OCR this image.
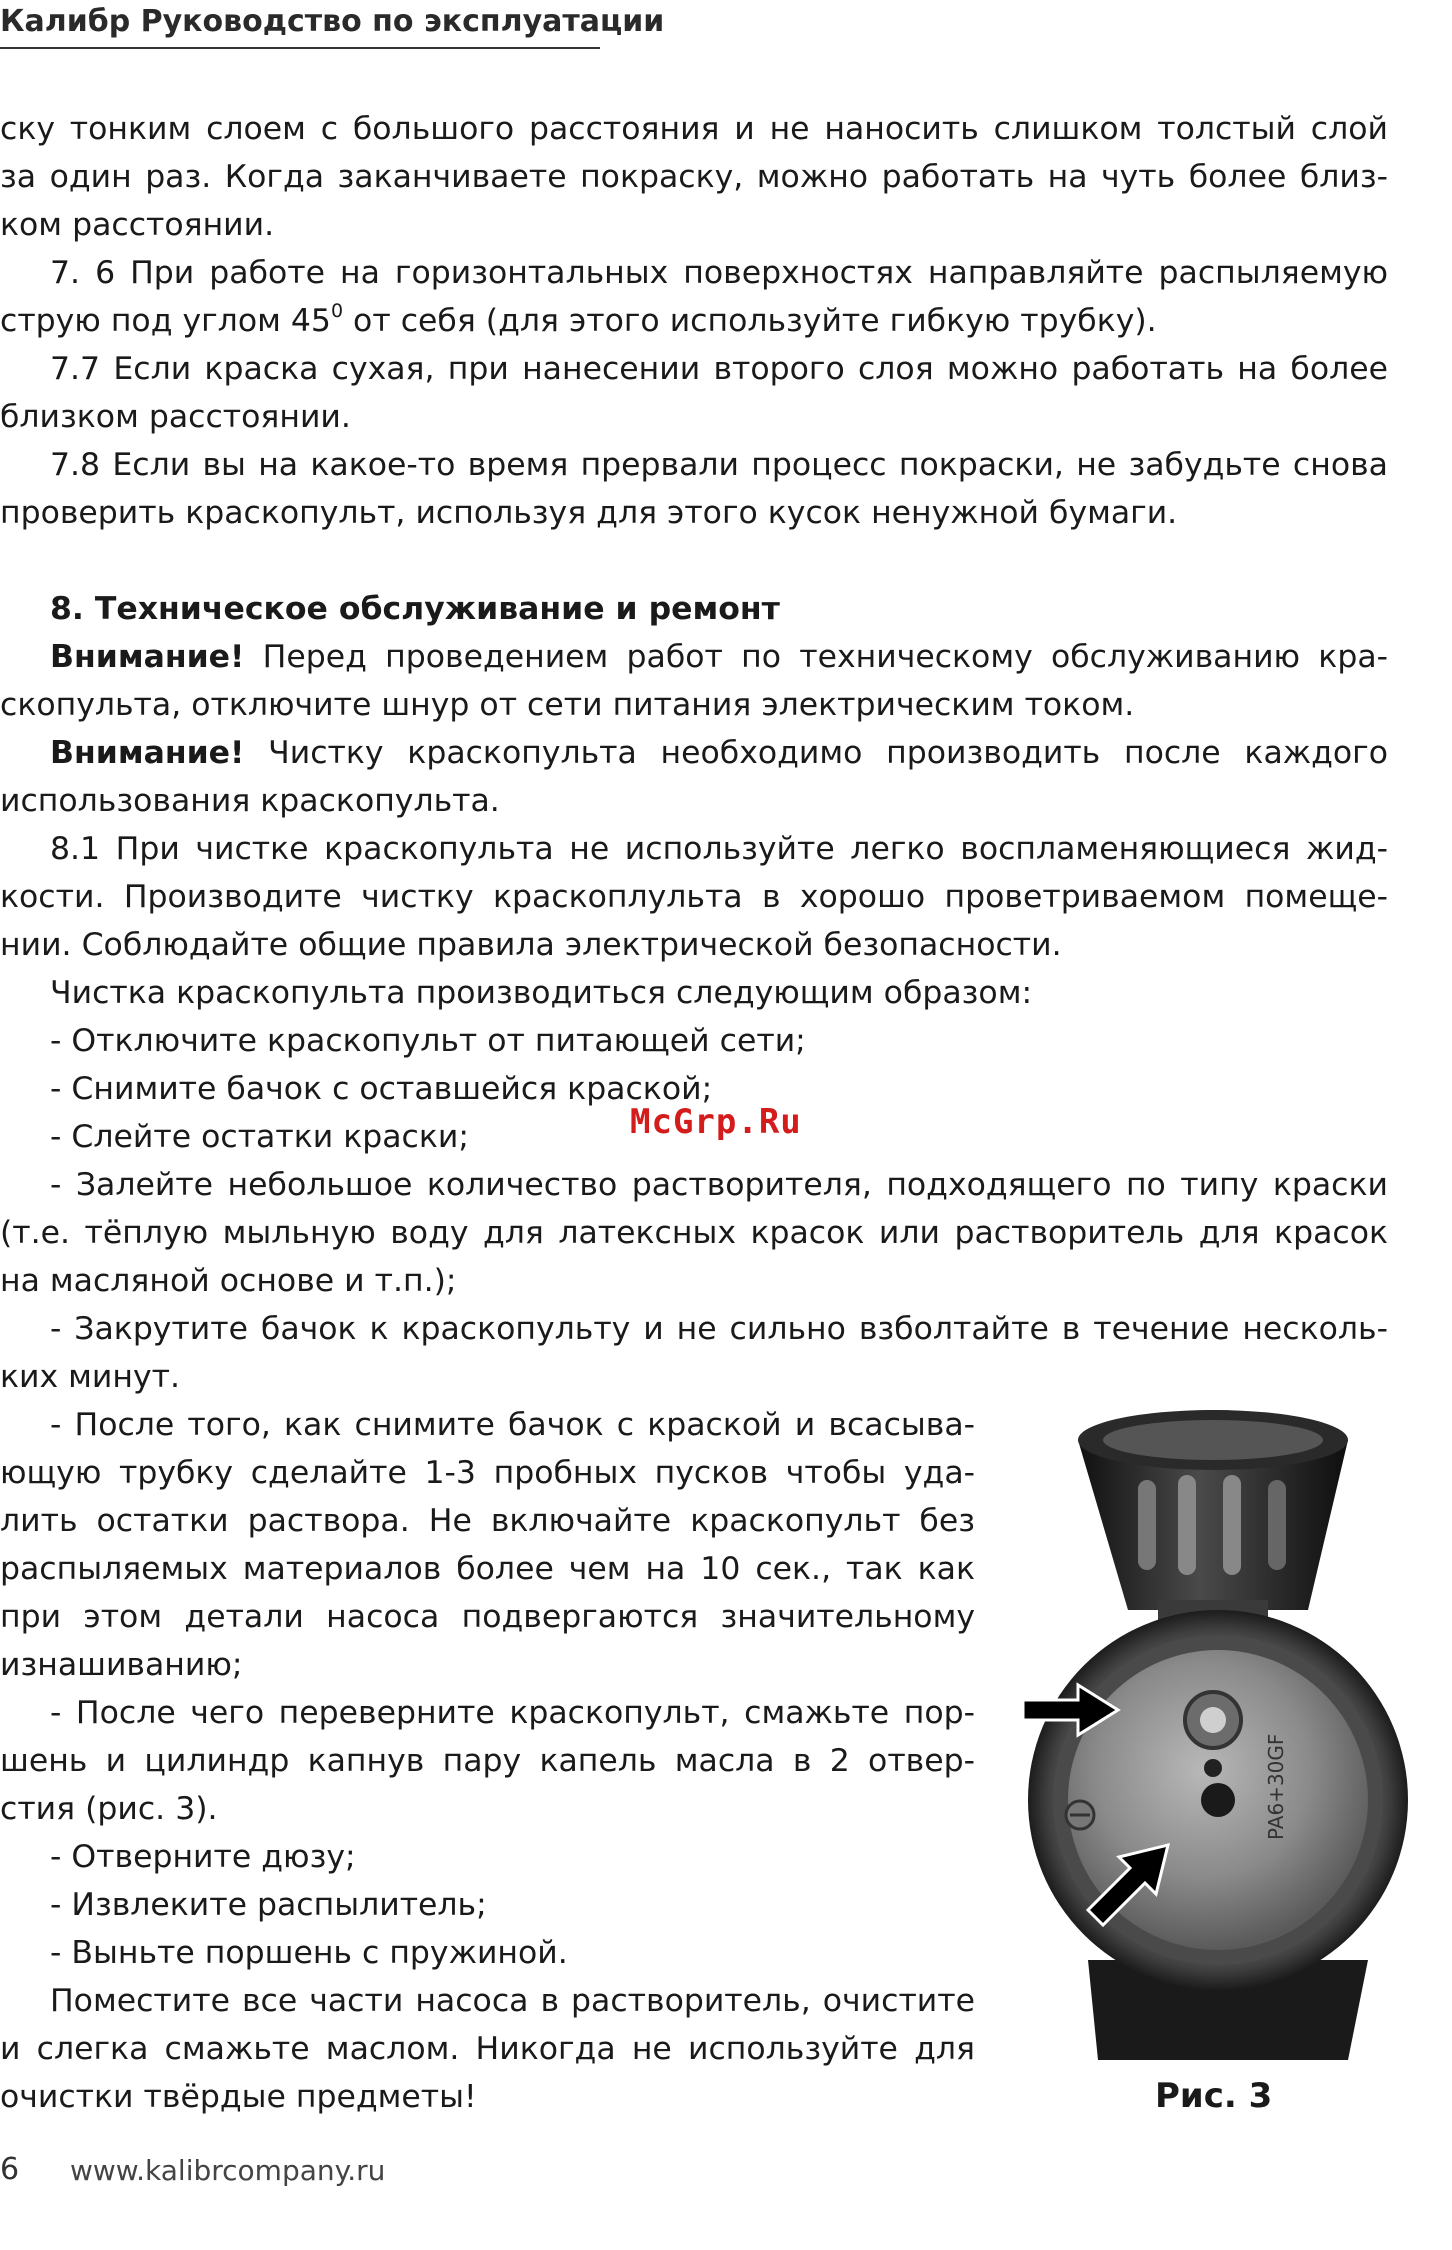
Калибр Руководство по эксплуатации
ску тонким слоем с большого расстояния и не наносить слишком толстый слой
за один раз. Когда заканчиваете покраску, можно работать на чуть более близ-
ком расстоянии.
7. 6 При работе на горизонтальных поверхностях направляйте распыляемую
струю под углом $45^0$ от себя (для этого используйте гибкую трубку).
7.7 Если краска сухая, при нанесении второго слоя можно работать на более
близком расстоянии.
7.8 Если вы на какое-то время прервали процесс покраски, не забудьте снова
проверить краскопульт, используя для этого кусок ненужной бумаги.
8. Техническое обслуживание и ремонт
Внимание! Перед проведением работ по техническому обслуживанию кра-
скопульта, отключите шнур от сети питания электрическим током.
Внимание! Чистку краскопульта необходимо производить после каждого
использования краскопульта.
8.1 При чистке краскопульта не используйте легко воспламеняющиеся жид-
кости. Производите чистку краскоплульта в хорошо проветриваемом помеще-
нии. Соблюдайте общие правила электрической безопасности.
Чистка краскопульта производиться следующим образом:
- Отключите краскопульт от питающей сети;
- Снимите бачок с оставшейся краской;
- Слейте остатки краски;
- Залейте небольшое количество растворителя, подходящего по типу краски
(т.е. тёплую мыльную воду для латексных красок или растворитель для красок
на масляной основе и т.п.);
- Закрутите бачок к краскопульту и не сильно взболтайте в течение несколь-
ких минут.
- После того, как снимите бачок с краской и всасыва-
ющую трубку сделайте 1-3 пробных пусков чтобы уда-
лить остатки раствора. Не включайте краскопульт без
распыляемых материалов более чем на 10 сек., так как
при этом детали насоса подвергаются значительному
изнашиванию;
- После чего переверните краскопульт, смажьте пор-
шень и цилиндр капнув пару капель масла в 2 отвер-
стия (рис. 3).
- Отверните дюзу;
- Извлеките распылитель;
- Выньте поршень с пружиной.
Поместите все части насоса в растворитель, очистите
и слегка смажьте маслом. Никогда не используйте для
очистки твёрдые предметы!
McGrp.Ru
PA6+30GF
Рис. 3
6 www.kalibrcompany.ru
